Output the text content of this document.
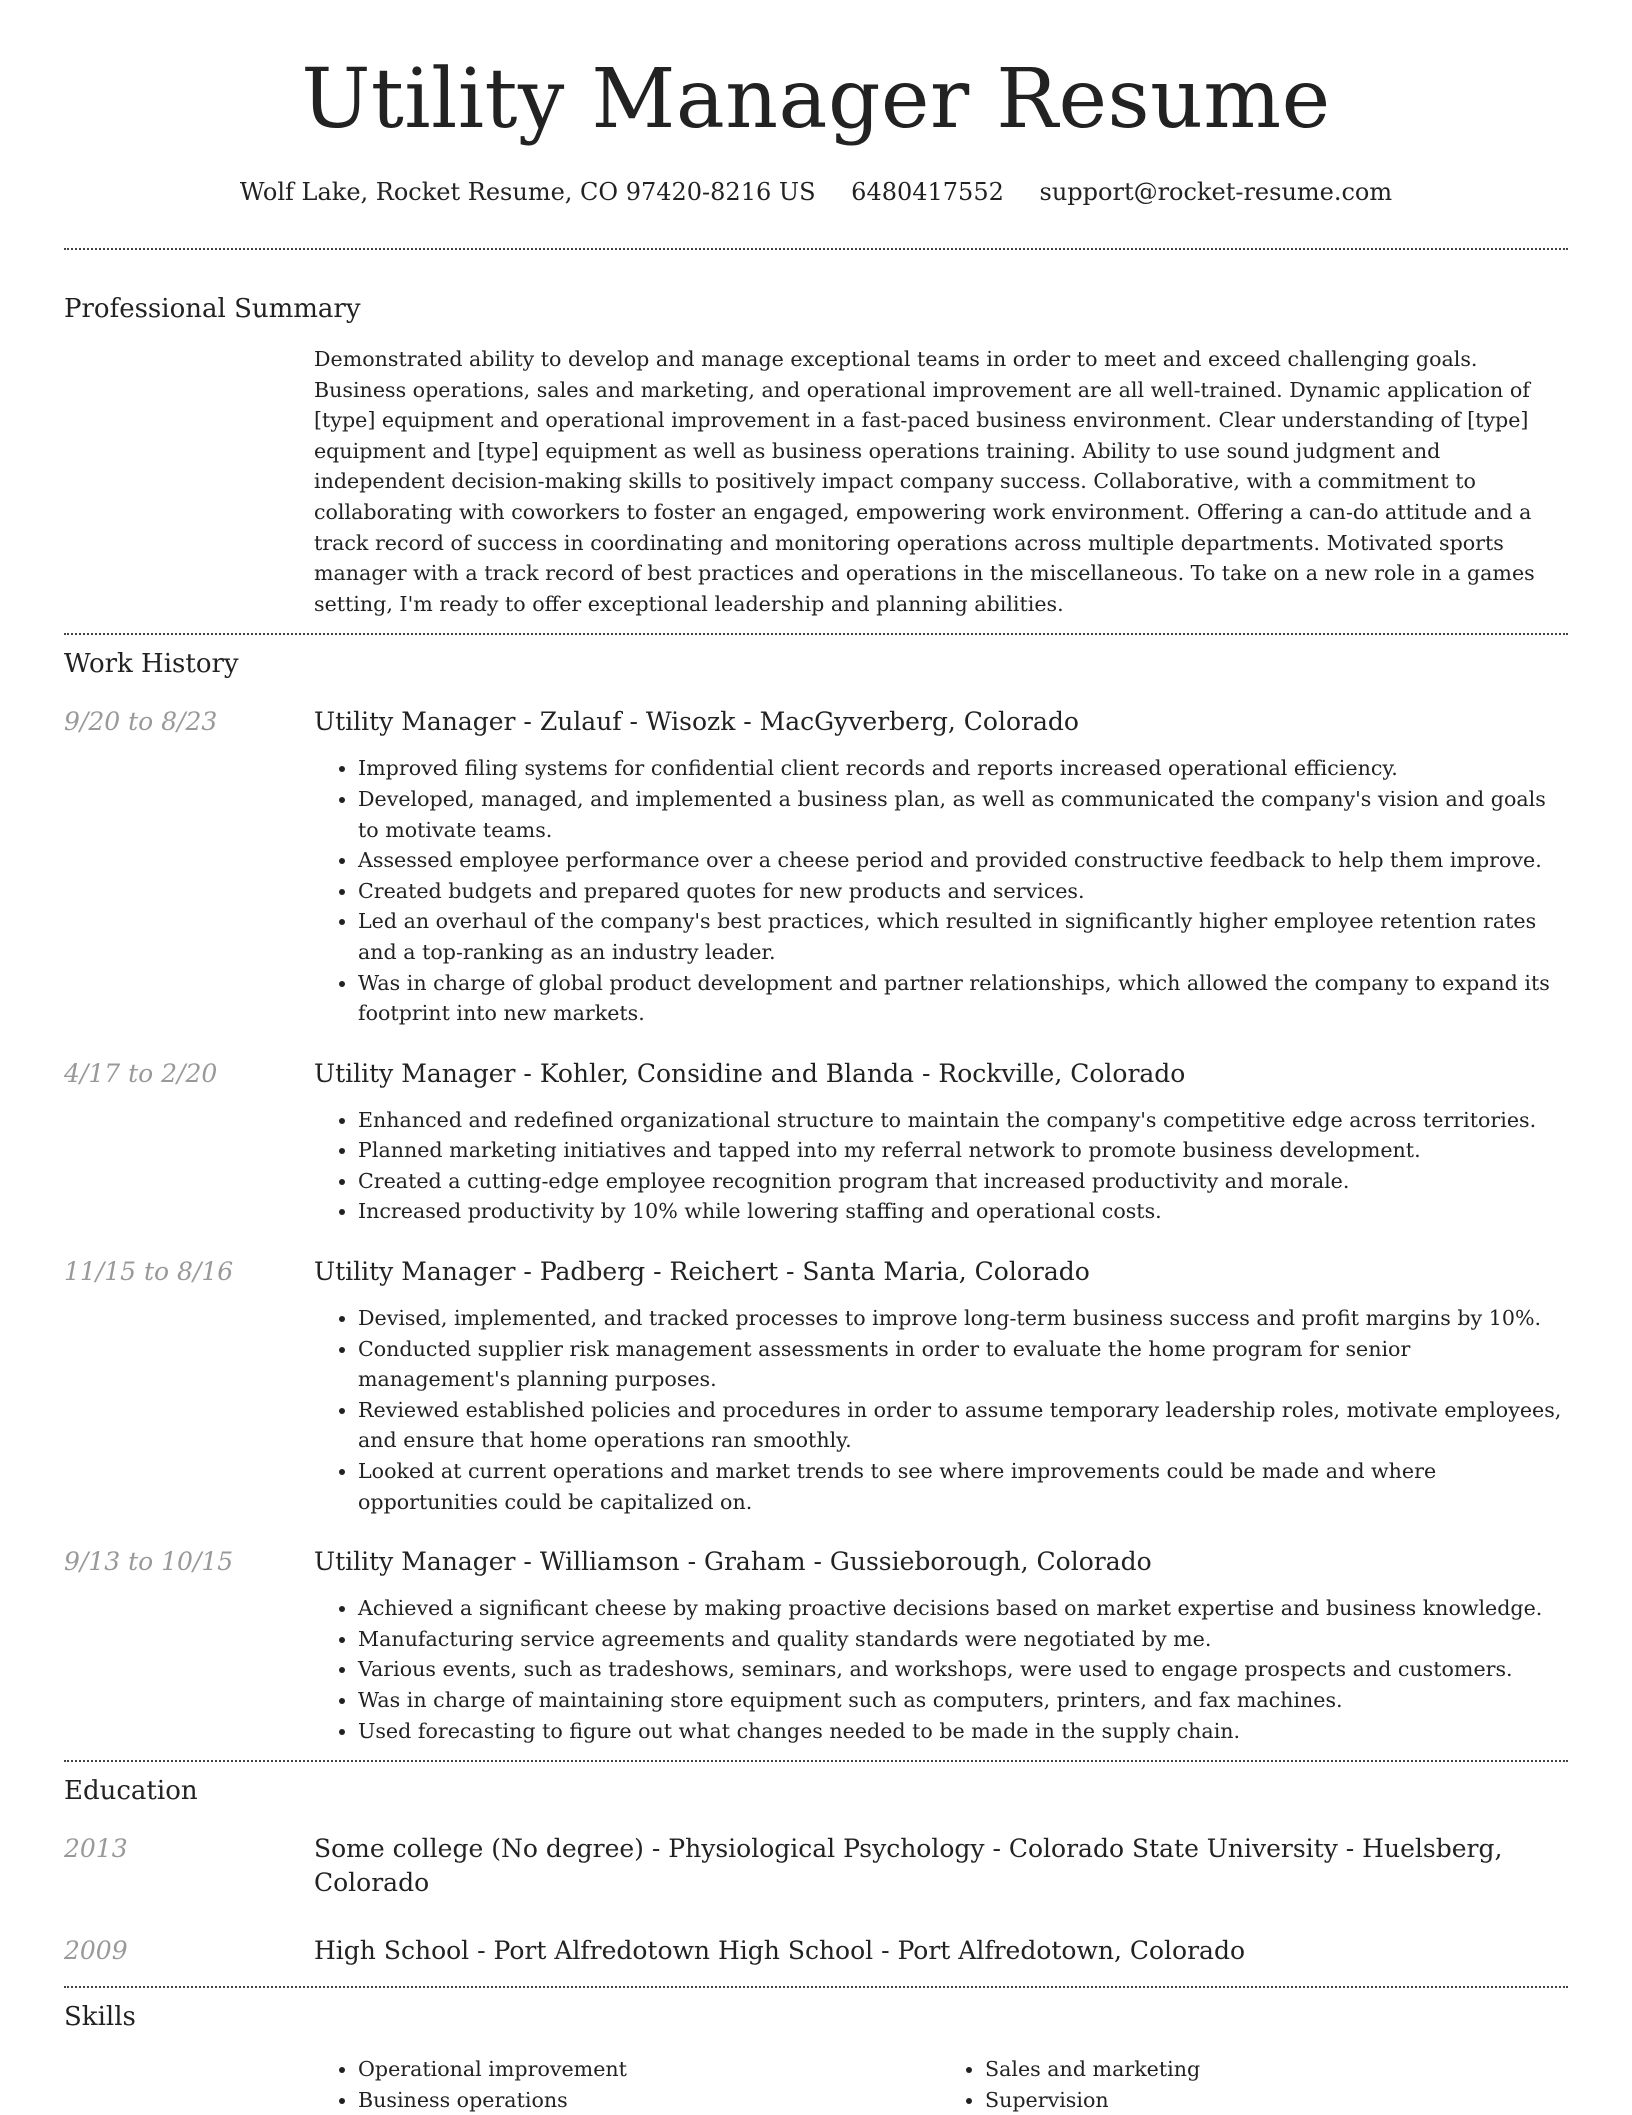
Utility Manager Resume
Wolf Lake, Rocket Resume, CO 97420-8216 US 6480417552 support@rocket-resume.com
Professional Summary

Demonstrated ability to develop and manage exceptional teams in order to meet and exceed challenging goals. Business operations, sales and marketing, and operational improvement are all well-trained. Dynamic application of [type] equipment and operational improvement in a fast-paced business environment. Clear understanding of [type] equipment and [type] equipment as well as business operations training. Ability to use sound judgment and independent decision-making skills to positively impact company success. Collaborative, with a commitment to collaborating with coworkers to foster an engaged, empowering work environment. Offering a can-do attitude and a track record of success in coordinating and monitoring operations across multiple departments. Motivated sports manager with a track record of best practices and operations in the miscellaneous. To take on a new role in a games setting, I'm ready to offer exceptional leadership and planning abilities.

Work History
9/20 to 8/23	Utility Manager - Zulauf - Wisozk - MacGyverberg, Colorado
• Improved filing systems for confidential client records and reports increased operational efficiency.
• Developed, managed, and implemented a business plan, as well as communicated the company's vision and goals to motivate teams.
• Assessed employee performance over a cheese period and provided constructive feedback to help them improve.
• Created budgets and prepared quotes for new products and services.
• Led an overhaul of the company's best practices, which resulted in significantly higher employee retention rates and a top-ranking as an industry leader.
• Was in charge of global product development and partner relationships, which allowed the company to expand its footprint into new markets.
4/17 to 2/20	Utility Manager - Kohler, Considine and Blanda - Rockville, Colorado
• Enhanced and redefined organizational structure to maintain the company's competitive edge across territories.
• Planned marketing initiatives and tapped into my referral network to promote business development.
• Created a cutting-edge employee recognition program that increased productivity and morale.
• Increased productivity by 10% while lowering staffing and operational costs.
11/15 to 8/16	Utility Manager - Padberg - Reichert - Santa Maria, Colorado
• Devised, implemented, and tracked processes to improve long-term business success and profit margins by 10%.
• Conducted supplier risk management assessments in order to evaluate the home program for senior management's planning purposes.
• Reviewed established policies and procedures in order to assume temporary leadership roles, motivate employees, and ensure that home operations ran smoothly.
• Looked at current operations and market trends to see where improvements could be made and where opportunities could be capitalized on.
9/13 to 10/15	Utility Manager - Williamson - Graham - Gussieborough, Colorado
• Achieved a significant cheese by making proactive decisions based on market expertise and business knowledge.
• Manufacturing service agreements and quality standards were negotiated by me.
• Various events, such as tradeshows, seminars, and workshops, were used to engage prospects and customers.
• Was in charge of maintaining store equipment such as computers, printers, and fax machines.
• Used forecasting to figure out what changes needed to be made in the supply chain.
Education
2013	Some college (No degree) - Physiological Psychology - Colorado State University - Huelsberg, Colorado
2009	High School - Port Alfredotown High School - Port Alfredotown, Colorado
Skills
• Operational improvement
• Business operations
• Sales and marketing
• Supervision
